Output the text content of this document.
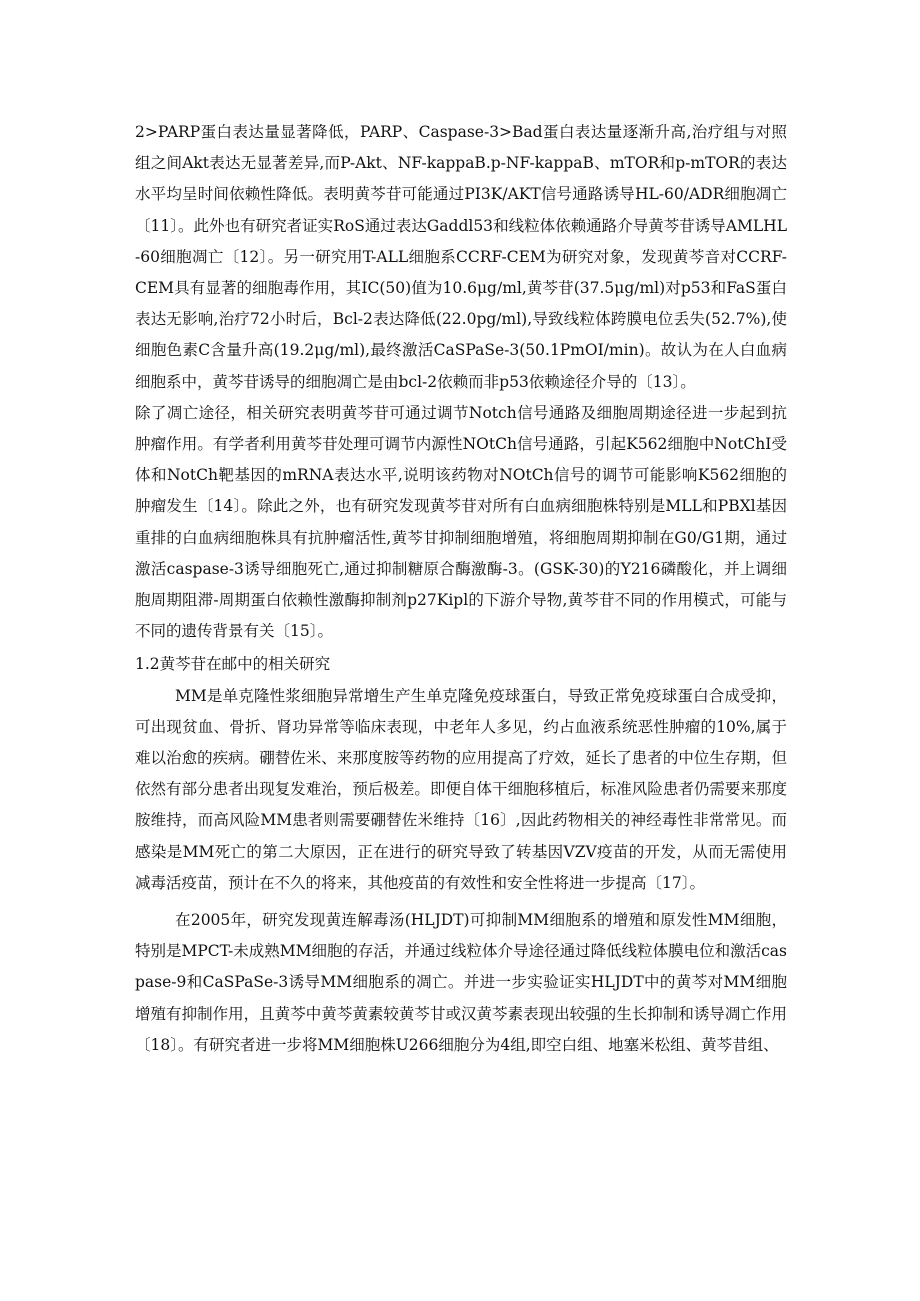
2>PARP蛋白表达量显著降低，PARP、Caspase-3>Bad蛋白表达量逐渐升高,治疗组与对照组之间Akt表达无显著差异,而P-Akt、NF-kappaB.p-NF-kappaB、mTOR和p-mTOR的表达水平均呈时间依赖性降低。表明黄芩苷可能通过PI3K/AKT信号通路诱导HL-60/ADR细胞凋亡〔11〕。此外也有研究者证实RoS通过表达Gaddl53和线粒体依赖通路介导黄芩苷诱导AMLHL-60细胞凋亡〔12〕。另一研究用T-ALL细胞系CCRF-CEM为研究对象，发现黄芩音对CCRF-CEM具有显著的细胞毒作用，其IC(50)值为10.6μg∕ml,黄芩苷(37.5μg∕ml)对p53和FaS蛋白表达无影响,治疗72小时后，Bcl-2表达降低(22.0pg∕ml),导致线粒体跨膜电位丢失(52.7%),使细胞色素C含量升高(19.2μg∕ml),最终激活CaSPaSe-3(50.1PmOI/min)。故认为在人白血病细胞系中，黄芩苷诱导的细胞凋亡是由bcl-2依赖而非p53依赖途径介导的〔13〕。

除了凋亡途径，相关研究表明黄芩苷可通过调节Notch信号通路及细胞周期途径进一步起到抗肿瘤作用。有学者利用黄芩苷处理可调节内源性NOtCh信号通路，引起K562细胞中NotChI受体和NotCh靶基因的mRNA表达水平,说明该药物对NOtCh信号的调节可能影响K562细胞的肿瘤发生〔14〕。除此之外，也有研究发现黄芩苷对所有白血病细胞株特别是MLL和PBXl基因重排的白血病细胞株具有抗肿瘤活性,黄芩甘抑制细胞增殖，将细胞周期抑制在G0/G1期，通过激活caspase-3诱导细胞死亡,通过抑制糖原合酶激酶-3。(GSK-30)的Y216磷酸化，并上调细胞周期阻滞-周期蛋白依赖性激酶抑制剂p27Kipl的下游介导物,黄芩苷不同的作用模式，可能与不同的遗传背景有关〔15〕。

1.2黄芩苷在邮中的相关研究

MM是单克隆性浆细胞异常增生产生单克隆免疫球蛋白，导致正常免疫球蛋白合成受抑，可出现贫血、骨折、肾功异常等临床表现，中老年人多见，约占血液系统恶性肿瘤的10%,属于难以治愈的疾病。硼替佐米、来那度胺等药物的应用提高了疗效，延长了患者的中位生存期，但依然有部分患者出现复发难治，预后极差。即便自体干细胞移植后，标准风险患者仍需要来那度胺维持，而高风险MM患者则需要硼替佐米维持〔16〕,因此药物相关的神经毒性非常常见。而感染是MM死亡的第二大原因，正在进行的研究导致了转基因VZV疫苗的开发，从而无需使用减毒活疫苗，预计在不久的将来，其他疫苗的有效性和安全性将进一步提高〔17〕。

在2005年，研究发现黄连解毒汤(HLJDT)可抑制MM细胞系的增殖和原发性MM细胞，特别是MPCT-未成熟MM细胞的存活，并通过线粒体介导途径通过降低线粒体膜电位和激活caspase-9和CaSPaSe-3诱导MM细胞系的凋亡。并进一步实验证实HLJDT中的黄芩对MM细胞增殖有抑制作用，且黄芩中黄芩黄素较黄芩甘或汉黄芩素表现出较强的生长抑制和诱导凋亡作用〔18〕。有研究者进一步将MM细胞株U266细胞分为4组,即空白组、地塞米松组、黄芩昔组、
